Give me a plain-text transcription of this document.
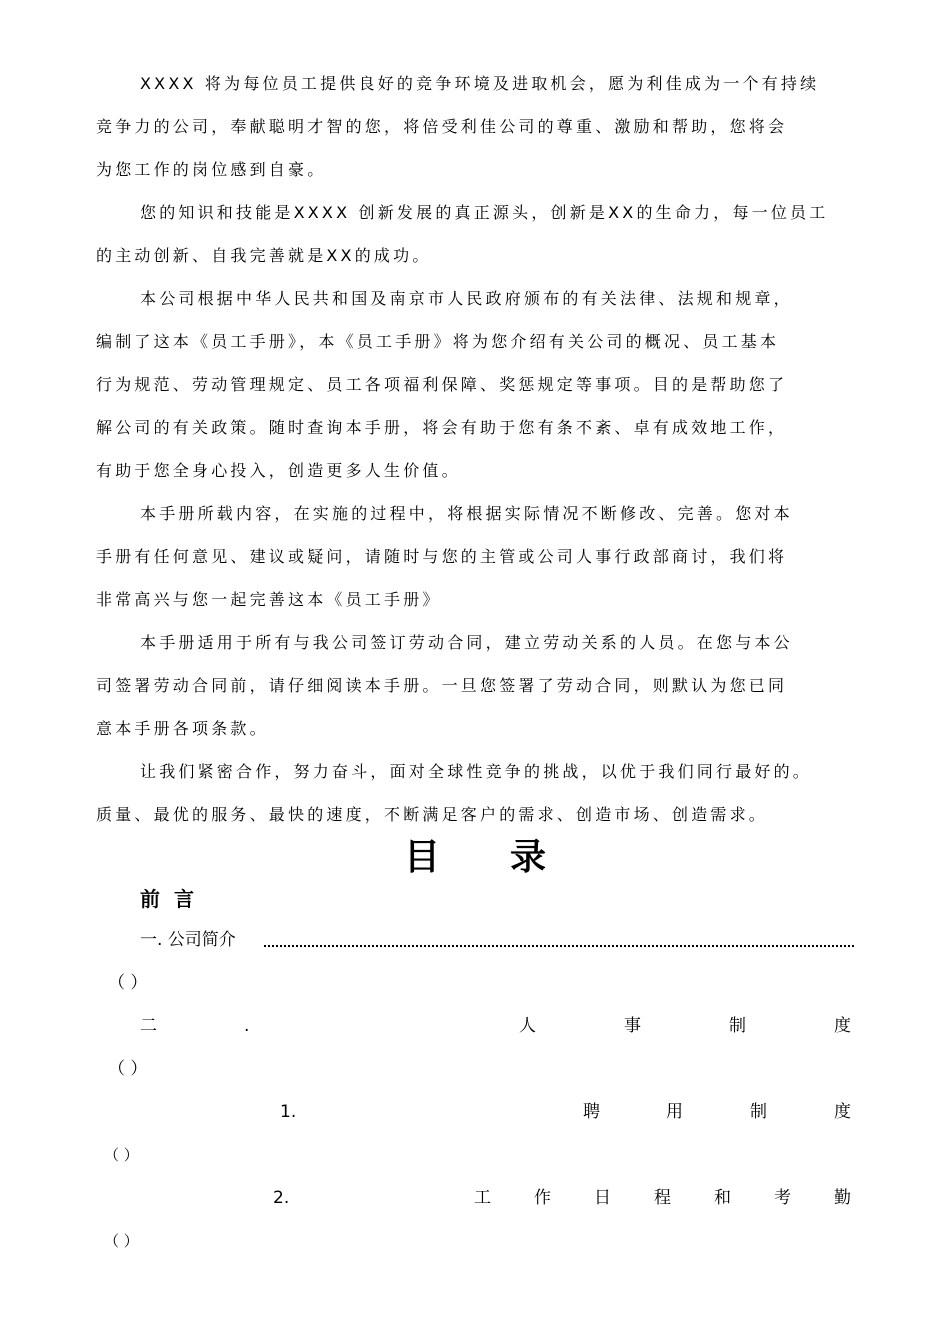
XXXX 将为每位员工提供良好的竞争环境及进取机会，愿为利佳成为一个有持续
竞争力的公司，奉献聪明才智的您，将倍受利佳公司的尊重、激励和帮助，您将会
为您工作的岗位感到自豪。
您的知识和技能是XXXX 创新发展的真正源头，创新是XX的生命力，每一位员工
的主动创新、自我完善就是XX的成功。
本公司根据中华人民共和国及南京市人民政府颁布的有关法律、法规和规章，
编制了这本《员工手册》，本《员工手册》将为您介绍有关公司的概况、员工基本
行为规范、劳动管理规定、员工各项福利保障、奖惩规定等事项。目的是帮助您了
解公司的有关政策。随时查询本手册，将会有助于您有条不紊、卓有成效地工作，
有助于您全身心投入，创造更多人生价值。
本手册所载内容，在实施的过程中，将根据实际情况不断修改、完善。您对本
手册有任何意见、建议或疑问，请随时与您的主管或公司人事行政部商讨，我们将
非常高兴与您一起完善这本《员工手册》
本手册适用于所有与我公司签订劳动合同，建立劳动关系的人员。在您与本公
司签署劳动合同前，请仔细阅读本手册。一旦您签署了劳动合同，则默认为您已同
意本手册各项条款。
让我们紧密合作，努力奋斗，面对全球性竞争的挑战，以优于我们同行最好的。
质量、最优的服务、最快的速度，不断满足客户的需求、创造市场、创造需求。
目 录
前言
一. 公司简介
（ ）
二	.	人	事	制	度
（ ）
1.	聘	用	制	度
（ ）
2.	工	作	日	程	和	考	勤
（ ）
